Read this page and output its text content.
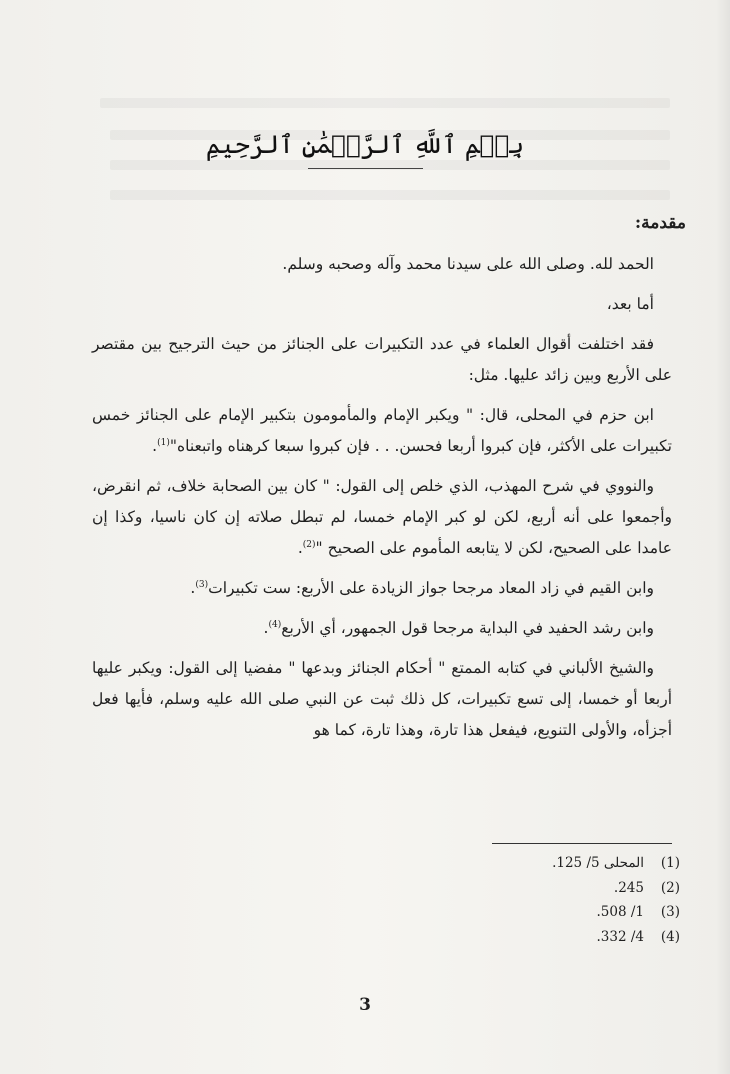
بِسۡمِ ٱللَّهِ ٱلرَّحۡمَٰنِ ٱلرَّحِيمِ
مقدمة:

الحمد لله. وصلى الله على سيدنا محمد وآله وصحبه وسلم.

أما بعد،

فقد اختلفت أقوال العلماء في عدد التكبيرات على الجنائز من حيث الترجيح بين مقتصر على الأربع وبين زائد عليها. مثل:

ابن حزم في المحلى، قال: " ويكبر الإمام والمأمومون بتكبير الإمام على الجنائز خمس تكبيرات على الأكثر، فإن كبروا أربعا فحسن. . . فإن كبروا سبعا كرهناه واتبعناه"$^{(1)}$.

والنووي في شرح المهذب، الذي خلص إلى القول: " كان بين الصحابة خلاف، ثم انقرض، وأجمعوا على أنه أربع، لكن لو كبر الإمام خمسا، لم تبطل صلاته إن كان ناسيا، وكذا إن عامدا على الصحيح، لكن لا يتابعه المأموم على الصحيح "$^{(2)}$.

وابن القيم في زاد المعاد مرجحا جواز الزيادة على الأربع: ست تكبيرات$^{(3)}$.

وابن رشد الحفيد في البداية مرجحا قول الجمهور، أي الأربع$^{(4)}$.

والشيخ الألباني في كتابه الممتع " أحكام الجنائز وبدعها " مفضيا إلى القول: ويكبر عليها أربعا أو خمسا، إلى تسع تكبيرات، كل ذلك ثبت عن النبي صلى الله عليه وسلم، فأيها فعل أجزأه، والأولى التنويع، فيفعل هذا تارة، وهذا تارة، كما هو

(1)
المحلى 5/ 125.
(2)
245.
(3)
1/ 508.
(4)
4/ 332.
3
